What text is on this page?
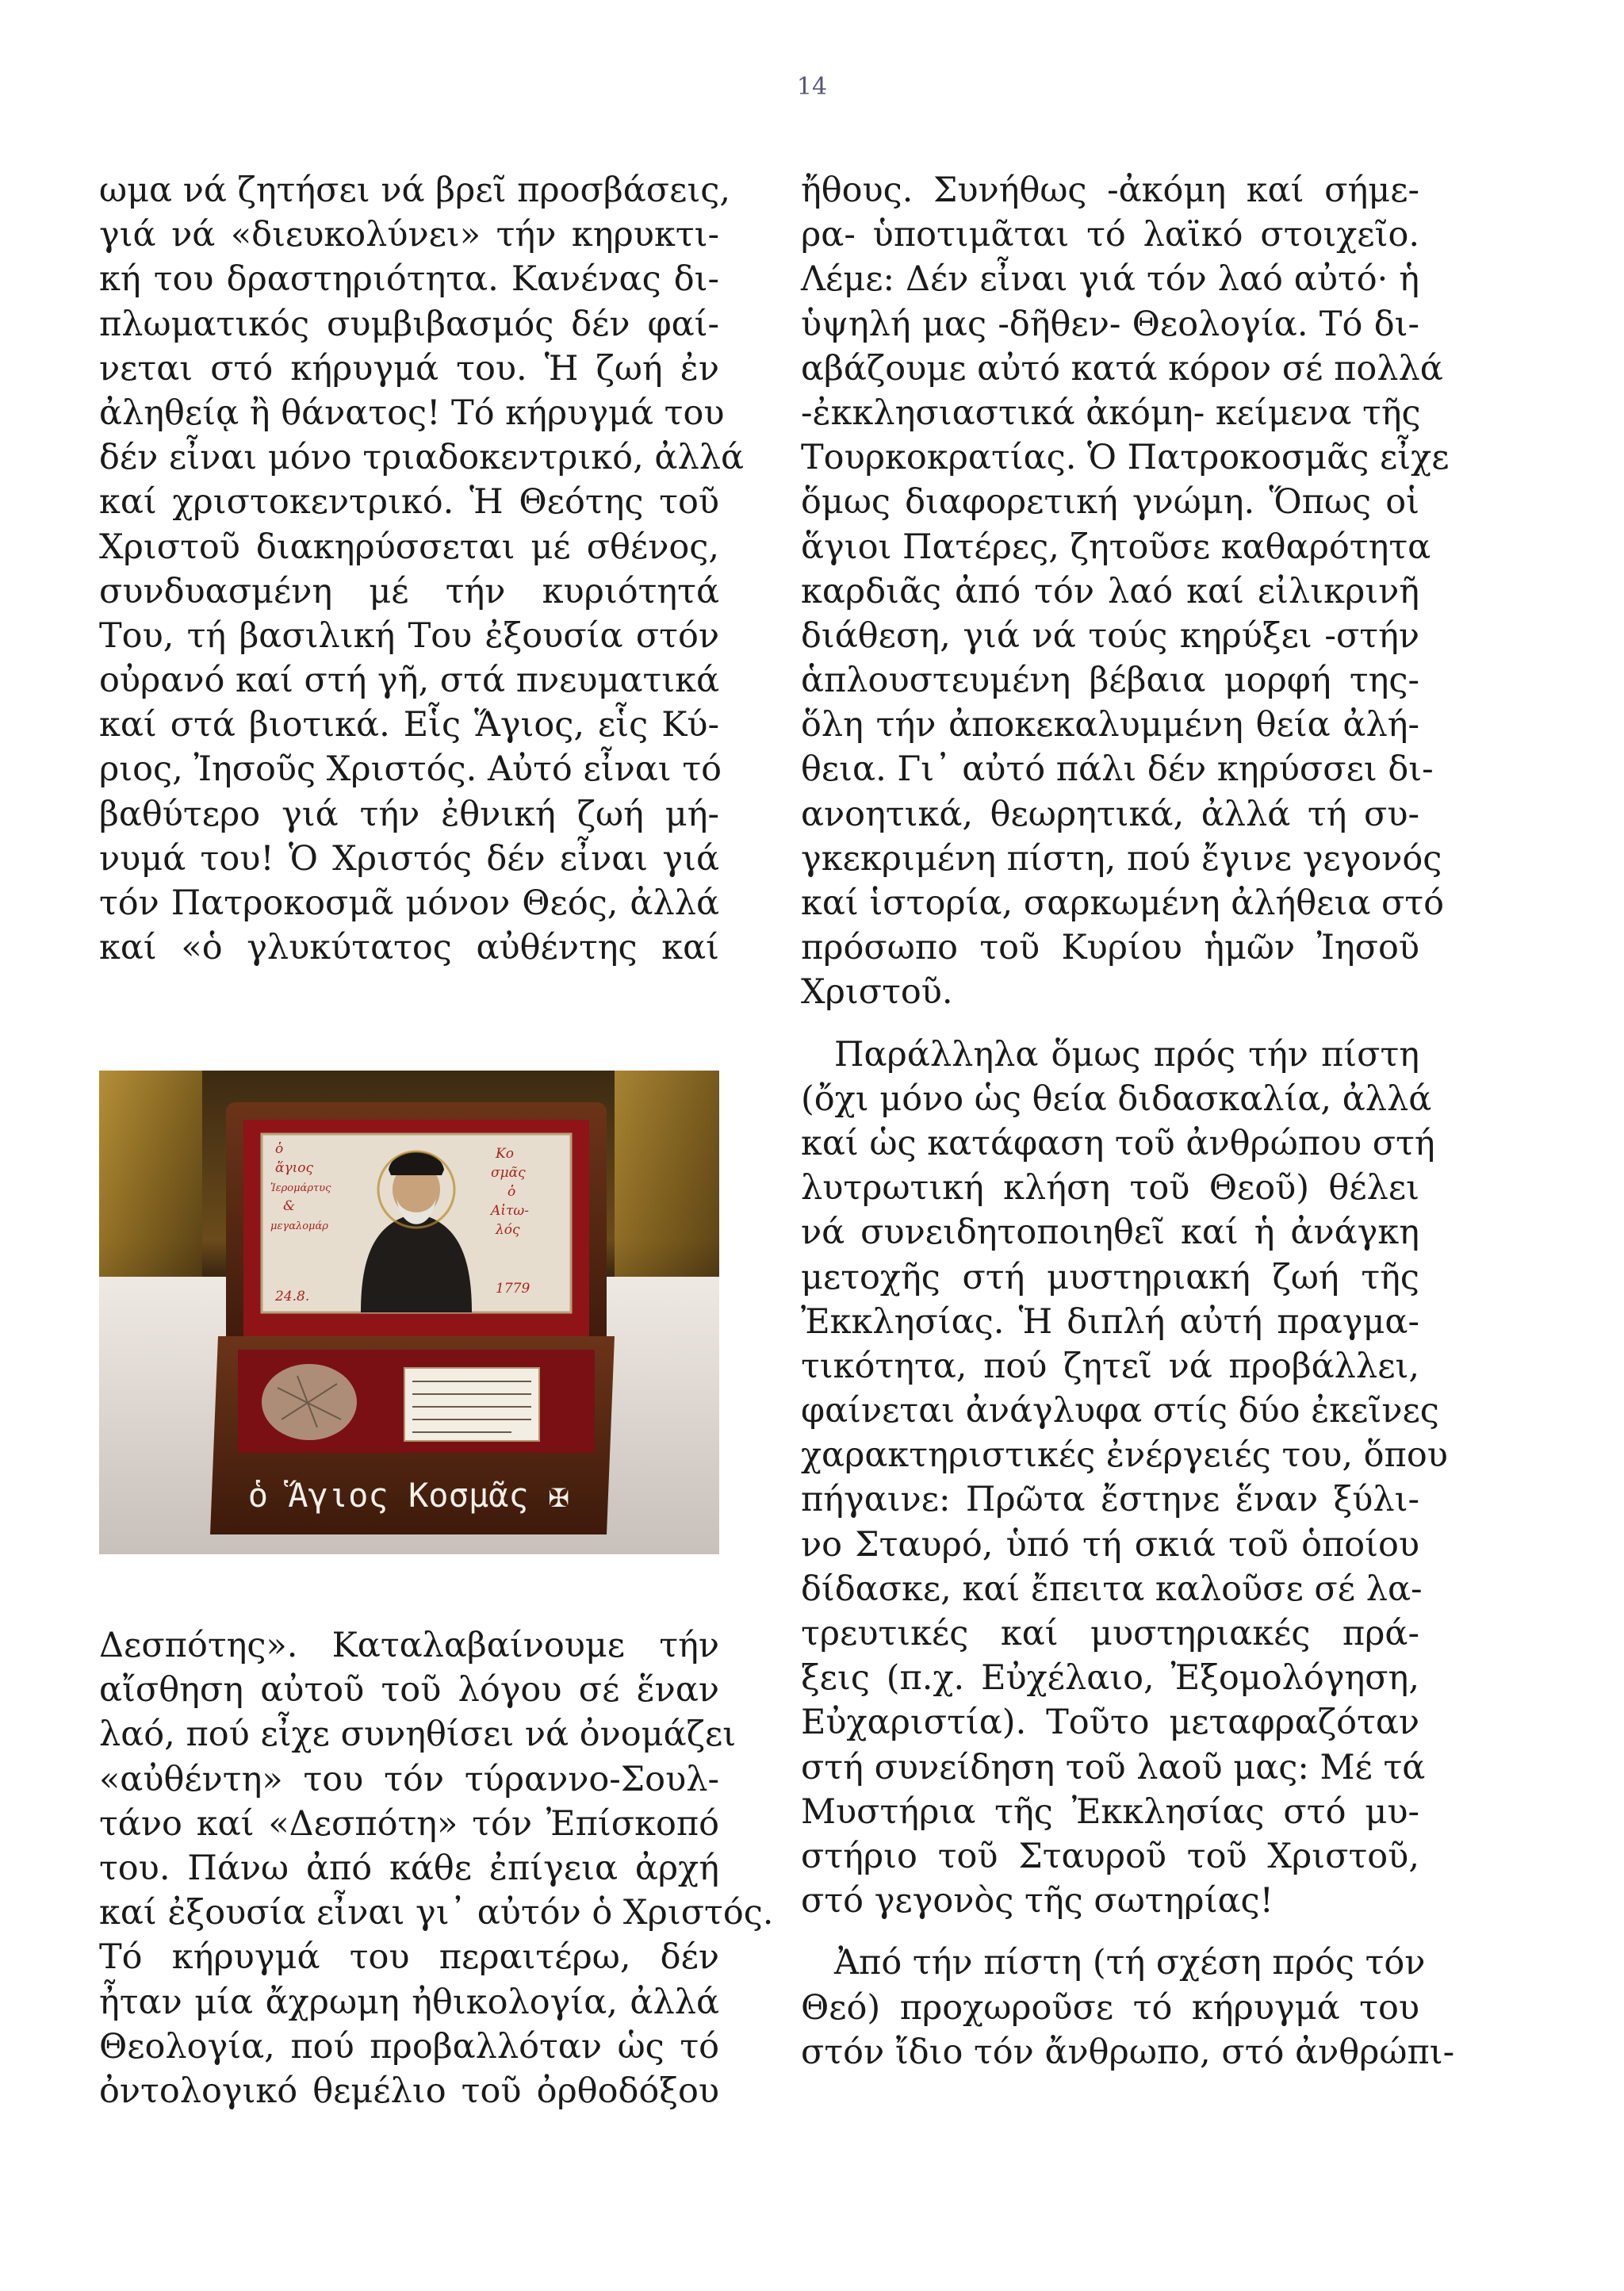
14
ωμα νά ζητήσει νά βρεῖ προσβάσεις,
γιά νά «διευκολύνει» τήν κηρυκτι-
κή του δραστηριότητα. Κανένας δι-
πλωματικός συμβιβασμός δέν φαί-
νεται στό κήρυγμά του. Ἡ ζωή ἐν
ἀληθείᾳ ἢ θάνατος! Τό κήρυγμά του
δέν εἶναι μόνο τριαδοκεντρικό, ἀλλά
καί χριστοκεντρικό. Ἡ Θεότης τοῦ
Χριστοῦ διακηρύσσεται μέ σθένος,
συνδυασμένη μέ τήν κυριότητά
Του, τή βασιλική Του ἐξουσία στόν
οὐρανό καί στή γῆ, στά πνευματικά
καί στά βιοτικά. Εἷς Ἅγιος, εἷς Κύ-
ριος, Ἰησοῦς Χριστός. Αὐτό εἶναι τό
βαθύτερο γιά τήν ἐθνική ζωή μή-
νυμά του! Ὁ Χριστός δέν εἶναι γιά
τόν Πατροκοσμᾶ μόνον Θεός, ἀλλά
καί «ὁ γλυκύτατος αὐθέντης καί
ὁ
ἅγιος
Ἱερομάρτυς
&
μεγαλομάρ
24.8.
Κο
σμᾶς
ὁ
Αἰτω-
λός
1779
ὁ Ἅγιος Κοσμᾶς ✠
Δεσπότης». Καταλαβαίνουμε τήν
αἴσθηση αὐτοῦ τοῦ λόγου σέ ἕναν
λαό, πού εἶχε συνηθίσει νά ὀνομάζει
«αὐθέντη» του τόν τύραννο-Σουλ-
τάνο καί «Δεσπότη» τόν Ἐπίσκοπό
του. Πάνω ἀπό κάθε ἐπίγεια ἀρχή
καί ἐξουσία εἶναι γι᾽ αὐτόν ὁ Χριστός.
Τό κήρυγμά του περαιτέρω, δέν
ἦταν μία ἄχρωμη ἠθικολογία, ἀλλά
Θεολογία, πού προβαλλόταν ὡς τό
ὀντολογικό θεμέλιο τοῦ ὀρθοδόξου
ἤθους. Συνήθως -ἀκόμη καί σήμε-
ρα- ὑποτιμᾶται τό λαϊκό στοιχεῖο.
Λέμε: Δέν εἶναι γιά τόν λαό αὐτό· ἡ
ὑψηλή μας -δῆθεν- Θεολογία. Τό δι-
αβάζουμε αὐτό κατά κόρον σέ πολλά
-ἐκκλησιαστικά ἀκόμη- κείμενα τῆς
Τουρκοκρατίας. Ὁ Πατροκοσμᾶς εἶχε
ὅμως διαφορετική γνώμη. Ὅπως οἱ
ἅγιοι Πατέρες, ζητοῦσε καθαρότητα
καρδιᾶς ἀπό τόν λαό καί εἰλικρινῆ
διάθεση, γιά νά τούς κηρύξει -στήν
ἁπλουστευμένη βέβαια μορφή της-
ὅλη τήν ἀποκεκαλυμμένη θεία ἀλή-
θεια. Γι᾽ αὐτό πάλι δέν κηρύσσει δι-
ανοητικά, θεωρητικά, ἀλλά τή συ-
γκεκριμένη πίστη, πού ἔγινε γεγονός
καί ἱστορία, σαρκωμένη ἀλήθεια στό
πρόσωπο τοῦ Κυρίου ἡμῶν Ἰησοῦ
Χριστοῦ.
Παράλληλα ὅμως πρός τήν πίστη
(ὄχι μόνο ὡς θεία διδασκαλία, ἀλλά
καί ὡς κατάφαση τοῦ ἀνθρώπου στή
λυτρωτική κλήση τοῦ Θεοῦ) θέλει
νά συνειδητοποιηθεῖ καί ἡ ἀνάγκη
μετοχῆς στή μυστηριακή ζωή τῆς
Ἐκκλησίας. Ἡ διπλή αὐτή πραγμα-
τικότητα, πού ζητεῖ νά προβάλλει,
φαίνεται ἀνάγλυφα στίς δύο ἐκεῖνες
χαρακτηριστικές ἐνέργειές του, ὅπου
πήγαινε: Πρῶτα ἔστηνε ἕναν ξύλι-
νο Σταυρό, ὑπό τή σκιά τοῦ ὁποίου
δίδασκε, καί ἔπειτα καλοῦσε σέ λα-
τρευτικές καί μυστηριακές πρά-
ξεις (π.χ. Εὐχέλαιο, Ἐξομολόγηση,
Εὐχαριστία). Τοῦτο μεταφραζόταν
στή συνείδηση τοῦ λαοῦ μας: Μέ τά
Μυστήρια τῆς Ἐκκλησίας στό μυ-
στήριο τοῦ Σταυροῦ τοῦ Χριστοῦ,
στό γεγονὸς τῆς σωτηρίας!
Ἀπό τήν πίστη (τή σχέση πρός τόν
Θεό) προχωροῦσε τό κήρυγμά του
στόν ἴδιο τόν ἄνθρωπο, στό ἀνθρώπι-
